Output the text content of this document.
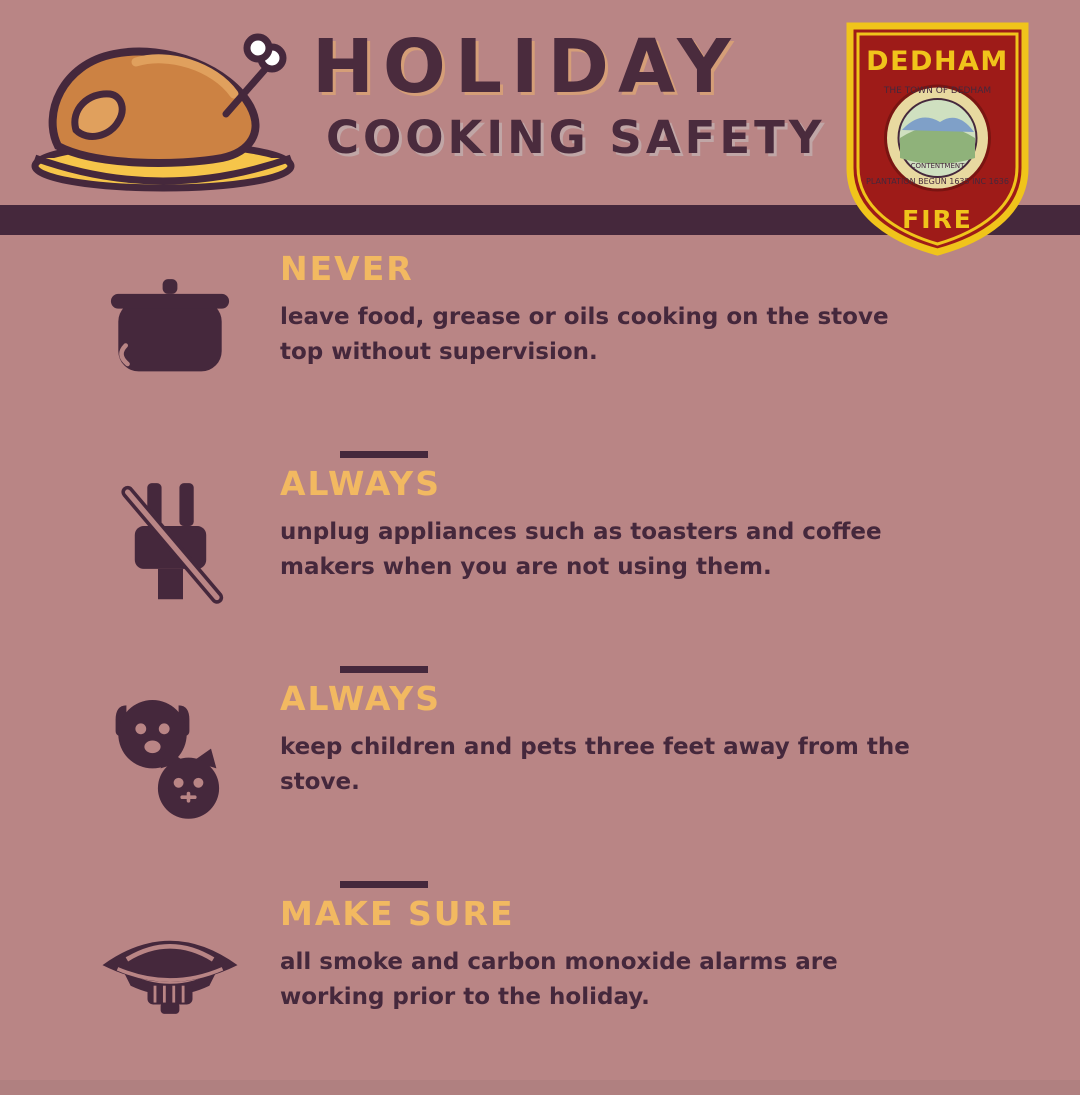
HOLIDAY
COOKING SAFETY
DEDHAM
THE TOWN OF DEDHAM
PLANTATION BEGUN 1635 INC 1636
CONTENTMENT
FIRE
NEVER
leave food, grease or oils cooking on the stove top without supervision.
ALWAYS
unplug appliances such as toasters and coffee makers when you are not using them.
ALWAYS
keep children and pets three feet away from the stove.
MAKE SURE
all smoke and carbon monoxide alarms are working prior to the holiday.
